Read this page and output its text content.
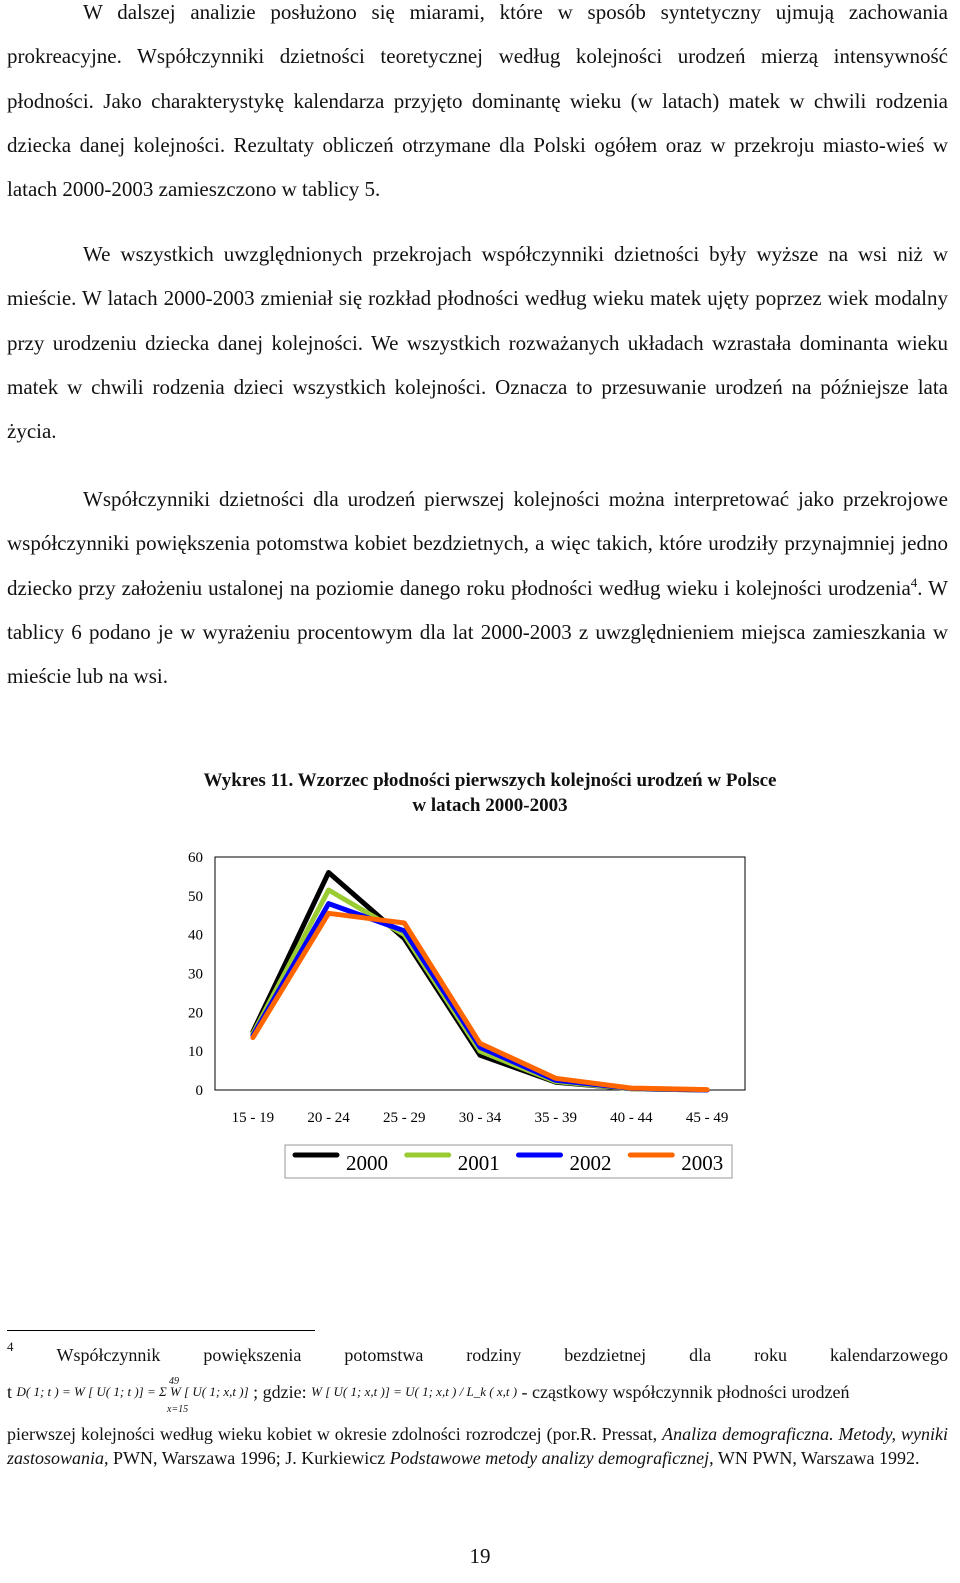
W dalszej analizie posłużono się miarami, które w sposób syntetyczny ujmują zachowania prokreacyjne. Współczynniki dzietności teoretycznej według kolejności urodzeń mierzą intensywność płodności. Jako charakterystykę kalendarza przyjęto dominantę wieku (w latach) matek w chwili rodzenia dziecka danej kolejności. Rezultaty obliczeń otrzymane dla Polski ogółem oraz w przekroju miasto-wieś w latach 2000-2003 zamieszczono w tablicy 5.

We wszystkich uwzględnionych przekrojach współczynniki dzietności były wyższe na wsi niż w mieście. W latach 2000-2003 zmieniał się rozkład płodności według wieku matek ujęty poprzez wiek modalny przy urodzeniu dziecka danej kolejności. We wszystkich rozważanych układach wzrastała dominanta wieku matek w chwili rodzenia dzieci wszystkich kolejności. Oznacza to przesuwanie urodzeń na późniejsze lata życia.

Współczynniki dzietności dla urodzeń pierwszej kolejności można interpretować jako przekrojowe współczynniki powiększenia potomstwa kobiet bezdzietnych, a więc takich, które urodziły przynajmniej jedno dziecko przy założeniu ustalonej na poziomie danego roku płodności według wieku i kolejności urodzenia$^4$. W tablicy 6 podano je w wyrażeniu procentowym dla lat 2000-2003 z uwzględnieniem miejsca zamieszkania w mieście lub na wsi.

Wykres 11. Wzorzec płodności pierwszych kolejności urodzeń w Polsce
w latach 2000-2003
0
10
20
30
40
50
60
15 - 19 20 - 24 25 - 29 30 - 34 35 - 39 40 - 44 45 - 49
2000	2001	2002	2003
4 Współczynnik powiększenia potomstwa rodziny bezdzietnej dla roku kalendarzowego
t D( 1; t ) = W [ U( 1; t )] = Σ W [ U( 1; x,t )]
49
x=15
; gdzie: W [ U( 1; x,t )] = U( 1; x,t ) / L_k ( x,t ) - cząstkowy współczynnik płodności urodzeń

pierwszej kolejności według wieku kobiet w okresie zdolności rozrodczej (por.R. Pressat, Analiza demograficzna. Metody, wyniki zastosowania, PWN, Warszawa 1996; J. Kurkiewicz Podstawowe metody analizy demograficznej, WN PWN, Warszawa 1992.

19
